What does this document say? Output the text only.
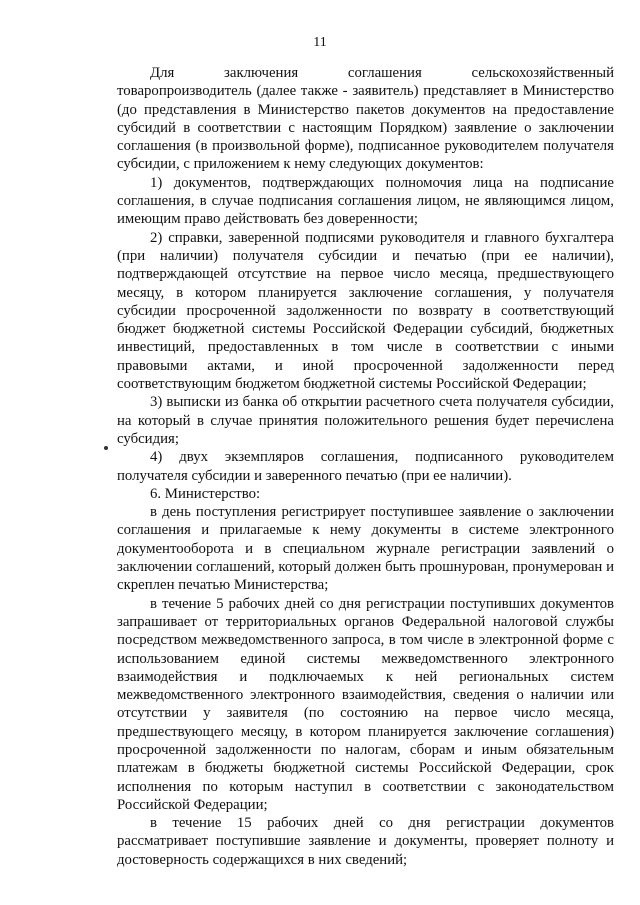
11

Для заключения соглашения сельскохозяйственный товаропроизводитель (далее также - заявитель) представляет в Министерство (до представления в Министерство пакетов документов на предоставление субсидий в соответствии с настоящим Порядком) заявление о заключении соглашения (в произвольной форме), подписанное руководителем получателя субсидии, с приложением к нему следующих документов:

1) документов, подтверждающих полномочия лица на подписание соглашения, в случае подписания соглашения лицом, не являющимся лицом, имеющим право действовать без доверенности;

2) справки, заверенной подписями руководителя и главного бухгалтера (при наличии) получателя субсидии и печатью (при ее наличии), подтверждающей отсутствие на первое число месяца, предшествующего месяцу, в котором планируется заключение соглашения, у получателя субсидии просроченной задолженности по возврату в соответствующий бюджет бюджетной системы Российской Федерации субсидий, бюджетных инвестиций, предоставленных в том числе в соответствии с иными правовыми актами, и иной просроченной задолженности перед соответствующим бюджетом бюджетной системы Российской Федерации;

3) выписки из банка об открытии расчетного счета получателя субсидии, на который в случае принятия положительного решения будет перечислена субсидия;

4) двух экземпляров соглашения, подписанного руководителем получателя субсидии и заверенного печатью (при ее наличии).

6. Министерство:

в день поступления регистрирует поступившее заявление о заключении соглашения и прилагаемые к нему документы в системе электронного документооборота и в специальном журнале регистрации заявлений о заключении соглашений, который должен быть прошнурован, пронумерован и скреплен печатью Министерства;

в течение 5 рабочих дней со дня регистрации поступивших документов запрашивает от территориальных органов Федеральной налоговой службы посредством межведомственного запроса, в том числе в электронной форме с использованием единой системы межведомственного электронного взаимодействия и подключаемых к ней региональных систем межведомственного электронного взаимодействия, сведения о наличии или отсутствии у заявителя (по состоянию на первое число месяца, предшествующего месяцу, в котором планируется заключение соглашения) просроченной задолженности по налогам, сборам и иным обязательным платежам в бюджеты бюджетной системы Российской Федерации, срок исполнения по которым наступил в соответствии с законодательством Российской Федерации;

в течение 15 рабочих дней со дня регистрации документов рассматривает поступившие заявление и документы, проверяет полноту и достоверность содержащихся в них сведений;
